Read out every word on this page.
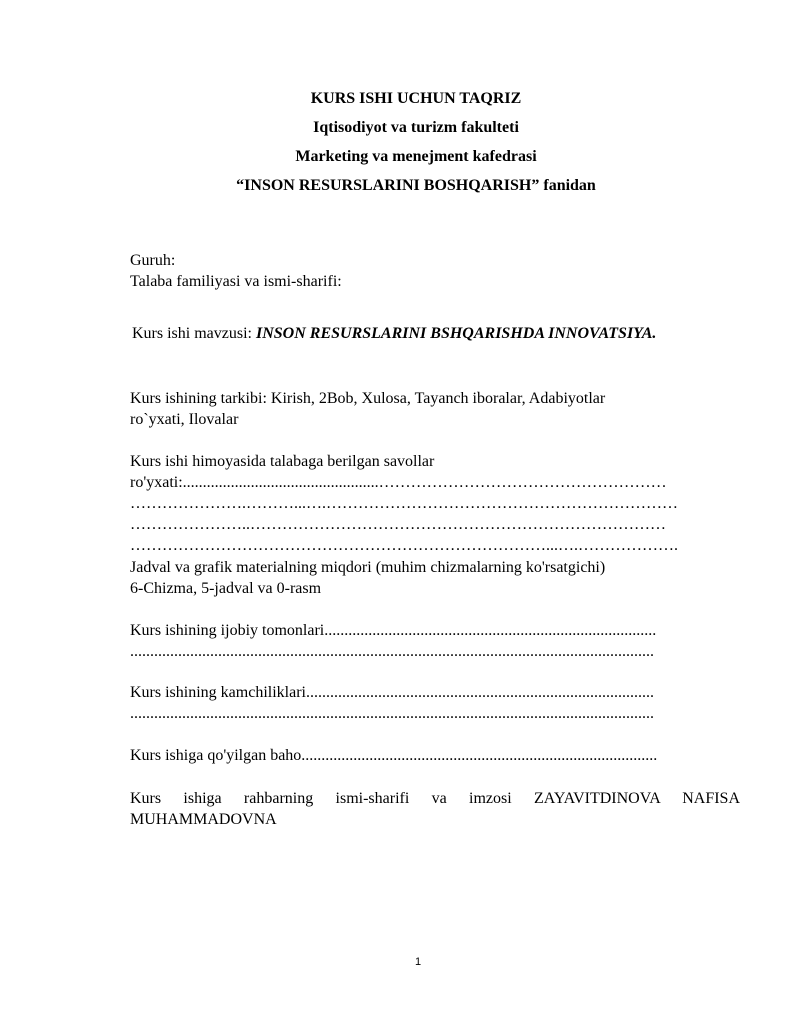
KURS ISHI UCHUN TAQRIZ
Iqtisodiyot va turizm fakulteti
Marketing va menejment kafedrasi
“INSON RESURSLARINI BOSHQARISH” fanidan
Guruh:
Talaba familiyasi va ismi-sharifi:
Kurs ishi mavzusi: INSON RESURSLARINI BSHQARISHDA INNOVATSIYA.
Kurs ishining tarkibi: Kirish, 2Bob, Xulosa, Tayanch iboralar, Adabiyotlar
ro`yxati, Ilovalar
Kurs ishi himoyasida talabaga berilgan savollar
ro'yxati:.................................................………………………………………………
………………….………...….…………………………………………………………
…………………..……………………………………………………………………
……………………………………………………………………...….……………….
Jadval va grafik materialning miqdori (muhim chizmalarning ko'rsatgichi)
6-Chizma, 5-jadval va 0-rasm
Kurs ishining ijobiy tomonlari...................................................................................
...................................................................................................................................
Kurs ishining kamchiliklari.......................................................................................
...................................................................................................................................
Kurs ishiga qo'yilgan baho.........................................................................................
Kurs ishiga rahbarning ismi-sharifi va imzosi ZAYAVITDINOVA NAFISA
MUHAMMADOVNA
1
